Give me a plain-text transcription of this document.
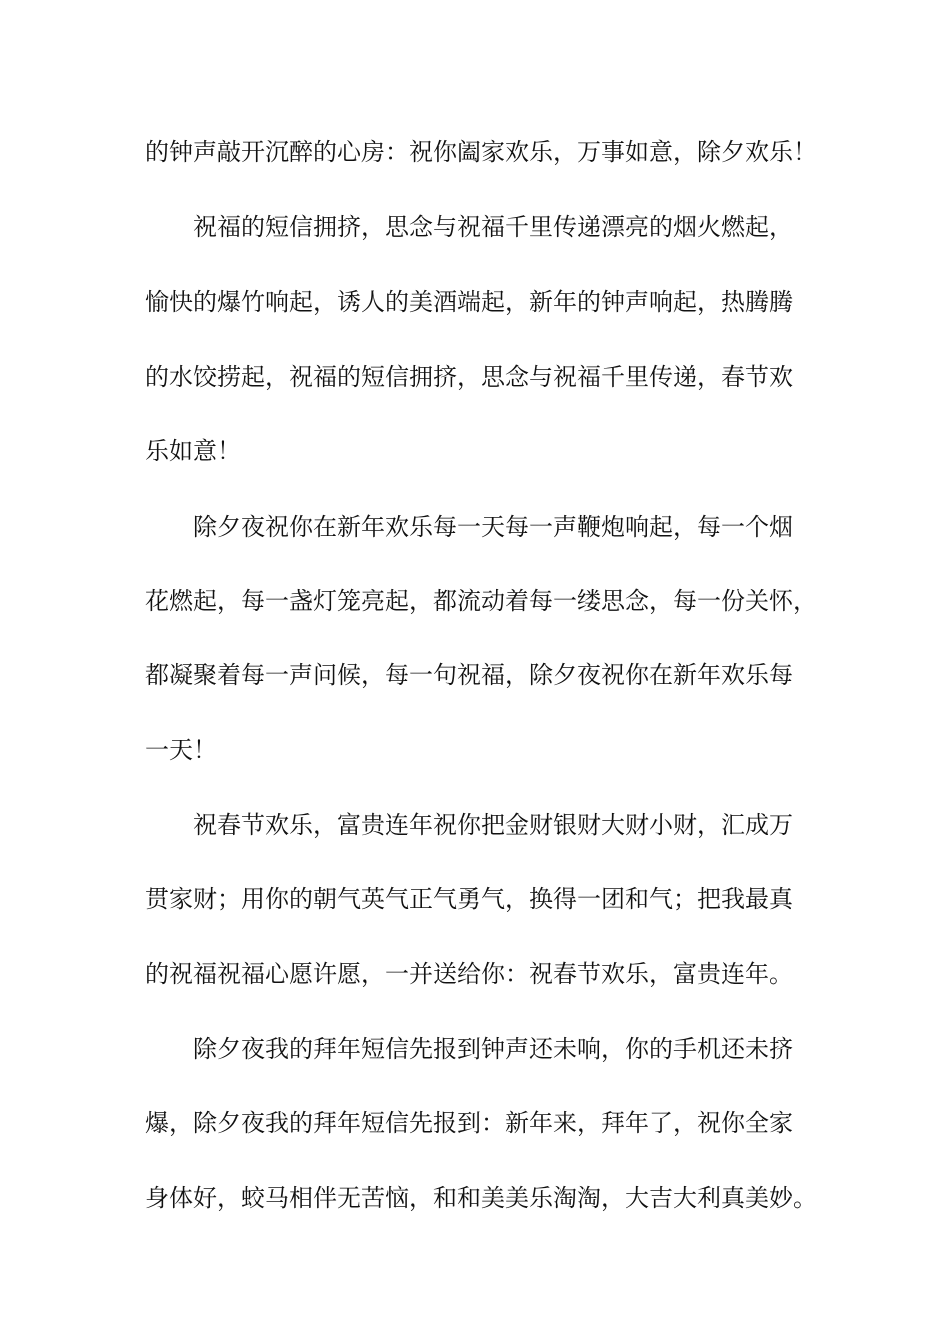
的钟声敲开沉醉的心房：祝你阖家欢乐，万事如意，除夕欢乐！
祝福的短信拥挤，思念与祝福千里传递漂亮的烟火燃起，
愉快的爆竹响起，诱人的美酒端起，新年的钟声响起，热腾腾
的水饺捞起，祝福的短信拥挤，思念与祝福千里传递，春节欢
乐如意！
除夕夜祝你在新年欢乐每一天每一声鞭炮响起，每一个烟
花燃起，每一盏灯笼亮起，都流动着每一缕思念，每一份关怀，
都凝聚着每一声问候，每一句祝福，除夕夜祝你在新年欢乐每
一天！
祝春节欢乐，富贵连年祝你把金财银财大财小财，汇成万
贯家财；用你的朝气英气正气勇气，换得一团和气；把我最真
的祝福祝福心愿许愿，一并送给你：祝春节欢乐，富贵连年。
除夕夜我的拜年短信先报到钟声还未响，你的手机还未挤
爆，除夕夜我的拜年短信先报到：新年来，拜年了，祝你全家
身体好，蛟马相伴无苦恼，和和美美乐淘淘，大吉大利真美妙。
